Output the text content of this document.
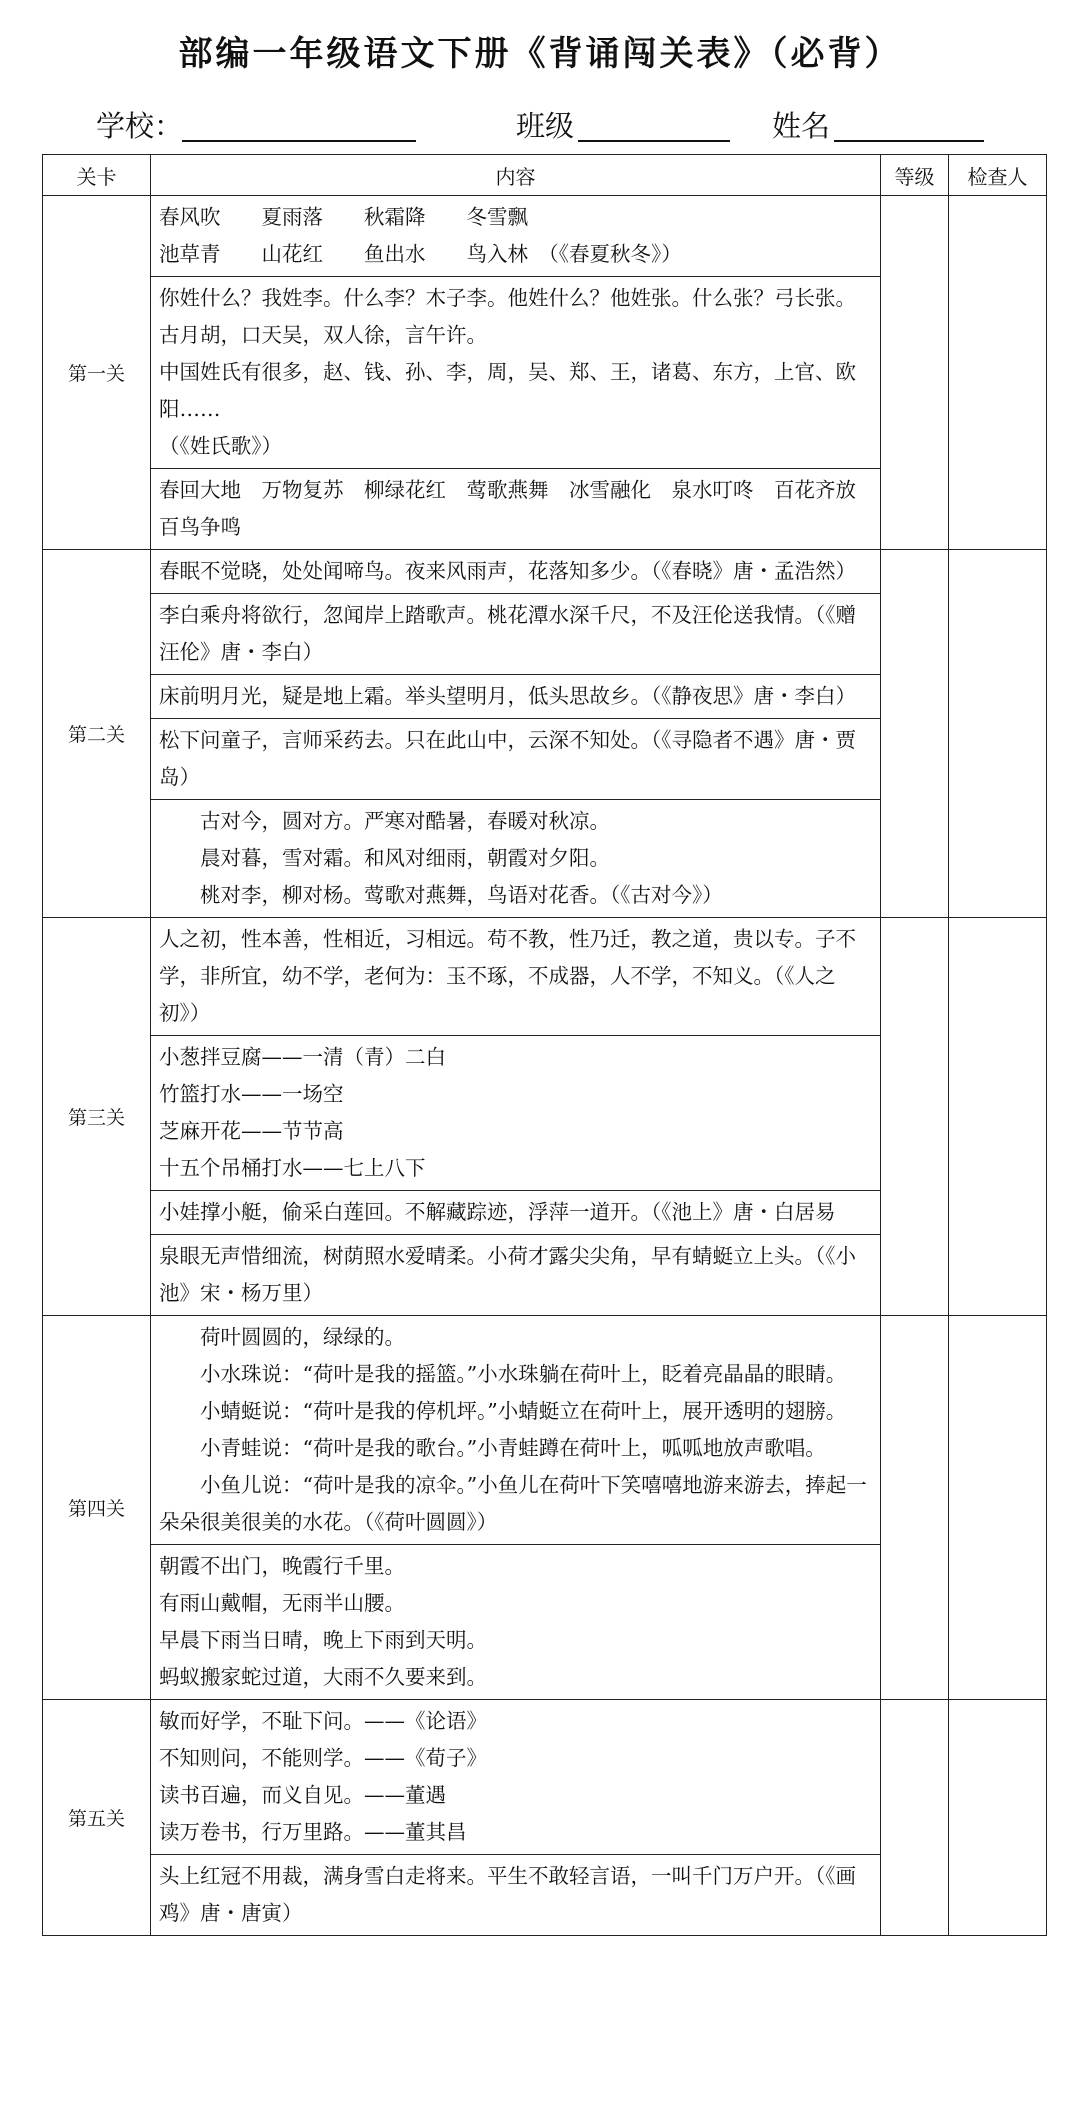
部编一年级语文下册《背诵闯关表》（必背）
学校：	班级	姓名
关卡	内容	等级	检查人
第一关	春风吹　　夏雨落　　秋霜降　　冬雪飘

池草青　　山花红　　鱼出水　　鸟入林　（《春夏秋冬》）		

	你姓什么？我姓李。什么李？木子李。他姓什么？他姓张。什么张？弓长张。古月胡，口天吴，双人徐，言午许。

中国姓氏有很多，赵、钱、孙、李，周，吴、郑、王，诸葛、东方，上官、欧阳……

（《姓氏歌》）		

	春回大地　万物复苏　柳绿花红　莺歌燕舞　冰雪融化　泉水叮咚　百花齐放　百鸟争鸣		

第二关	春眠不觉晓，处处闻啼鸟。夜来风雨声，花落知多少。（《春晓》唐・孟浩然）		

	李白乘舟将欲行，忽闻岸上踏歌声。桃花潭水深千尺，不及汪伦送我情。（《赠汪伦》唐・李白）		

	床前明月光，疑是地上霜。举头望明月，低头思故乡。（《静夜思》唐・李白）		

	松下问童子，言师采药去。只在此山中，云深不知处。（《寻隐者不遇》唐・贾岛）		

	古对今，圆对方。严寒对酷暑，春暖对秋凉。

晨对暮，雪对霜。和风对细雨，朝霞对夕阳。

桃对李，柳对杨。莺歌对燕舞，鸟语对花香。（《古对今》）		

第三关	人之初，性本善，性相近，习相远。苟不教，性乃迁，教之道，贵以专。子不学，非所宜，幼不学，老何为：玉不琢，不成器，人不学，不知义。（《人之初》）		

	小葱拌豆腐——一清（青）二白

竹篮打水——一场空

芝麻开花——节节高

十五个吊桶打水——七上八下		

	小娃撑小艇，偷采白莲回。不解藏踪迹，浮萍一道开。（《池上》唐・白居易		

	泉眼无声惜细流，树荫照水爱晴柔。小荷才露尖尖角，早有蜻蜓立上头。（《小池》宋・杨万里）		

第四关	荷叶圆圆的，绿绿的。

小水珠说：“荷叶是我的摇篮。”小水珠躺在荷叶上，眨着亮晶晶的眼睛。

小蜻蜓说：“荷叶是我的停机坪。”小蜻蜓立在荷叶上，展开透明的翅膀。

小青蛙说：“荷叶是我的歌台。”小青蛙蹲在荷叶上，呱呱地放声歌唱。

小鱼儿说：“荷叶是我的凉伞。”小鱼儿在荷叶下笑嘻嘻地游来游去，捧起一朵朵很美很美的水花。（《荷叶圆圆》）		

	朝霞不出门，晚霞行千里。

有雨山戴帽，无雨半山腰。

早晨下雨当日晴，晚上下雨到天明。

蚂蚁搬家蛇过道，大雨不久要来到。		

第五关	敏而好学，不耻下问。——《论语》

不知则问，不能则学。——《荀子》

读书百遍，而义自见。——董遇

读万卷书，行万里路。——董其昌		

	头上红冠不用裁，满身雪白走将来。平生不敢轻言语，一叫千门万户开。（《画鸡》唐・唐寅）		
